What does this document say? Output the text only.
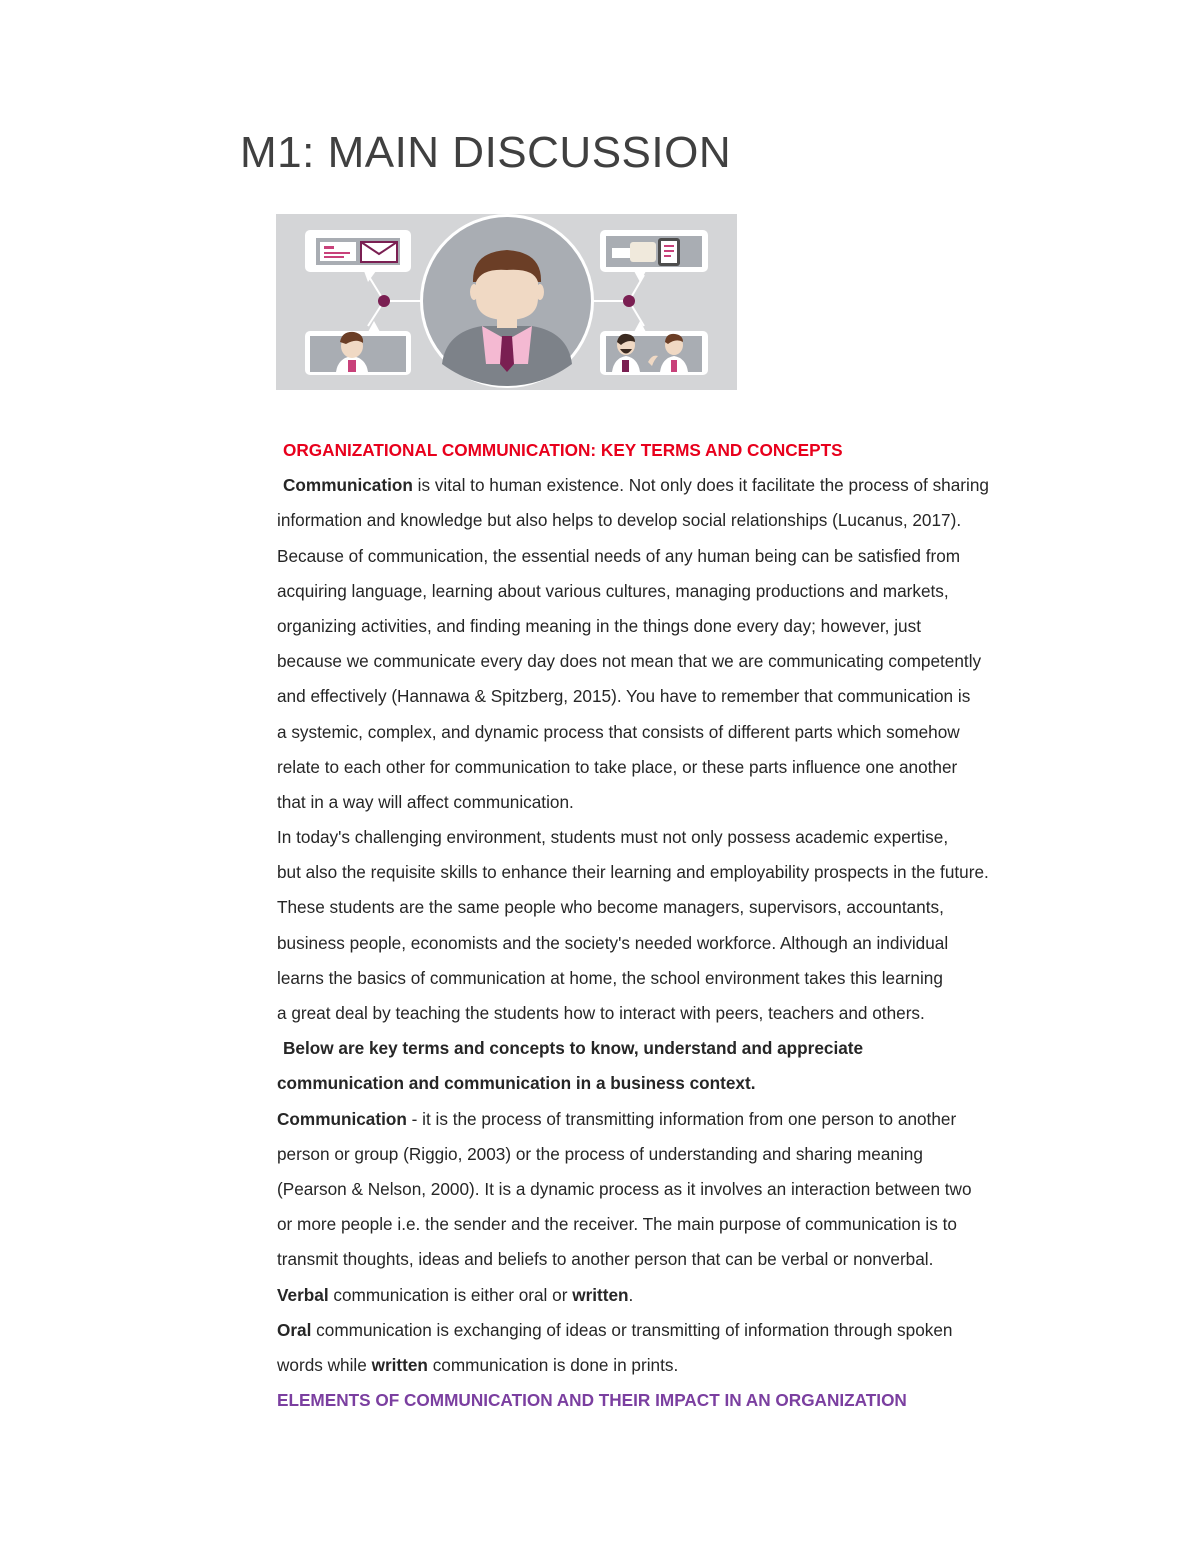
M1: MAIN DISCUSSION
ORGANIZATIONAL COMMUNICATION: KEY TERMS AND CONCEPTS
Communication is vital to human existence. Not only does it facilitate the process of sharing
information and knowledge but also helps to develop social relationships (Lucanus, 2017).
Because of communication, the essential needs of any human being can be satisfied from
acquiring language, learning about various cultures, managing productions and markets,
organizing activities, and finding meaning in the things done every day; however, just
because we communicate every day does not mean that we are communicating competently
and effectively (Hannawa & Spitzberg, 2015). You have to remember that communication is
a systemic, complex, and dynamic process that consists of different parts which somehow
relate to each other for communication to take place, or these parts influence one another
that in a way will affect communication.
In today's challenging environment, students must not only possess academic expertise,
but also the requisite skills to enhance their learning and employability prospects in the future.
These students are the same people who become managers, supervisors, accountants,
business people, economists and the society's needed workforce. Although an individual
learns the basics of communication at home, the school environment takes this learning
a great deal by teaching the students how to interact with peers, teachers and others.
Below are key terms and concepts to know, understand and appreciate
communication and communication in a business context.
Communication - it is the process of transmitting information from one person to another
person or group (Riggio, 2003) or the process of understanding and sharing meaning
(Pearson & Nelson, 2000). It is a dynamic process as it involves an interaction between two
or more people i.e. the sender and the receiver. The main purpose of communication is to
transmit thoughts, ideas and beliefs to another person that can be verbal or nonverbal.
Verbal communication is either oral or written.
Oral communication is exchanging of ideas or transmitting of information through spoken
words while written communication is done in prints.
ELEMENTS OF COMMUNICATION AND THEIR IMPACT IN AN ORGANIZATION
